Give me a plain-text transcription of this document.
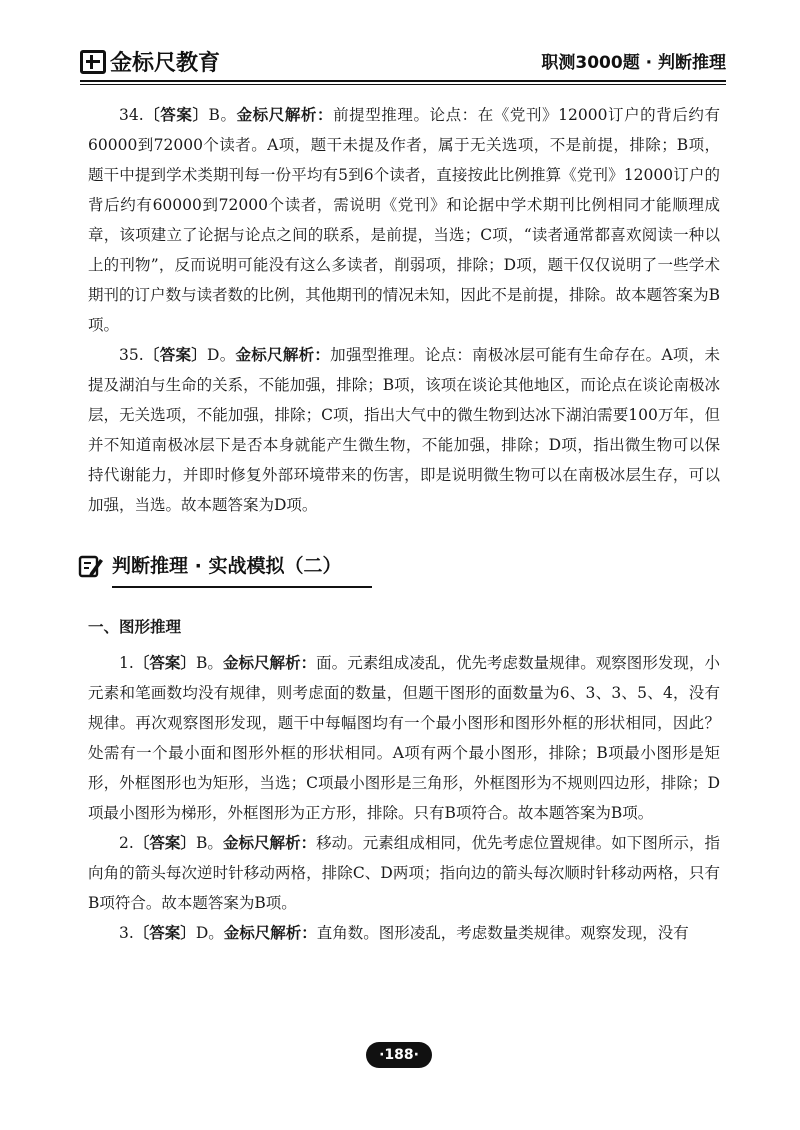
金标尺教育	职测3000题 · 判断推理

34.〔答案〕B。金标尺解析：前提型推理。论点：在《党刊》12000订户的背后约有60000到72000个读者。A项，题干未提及作者，属于无关选项，不是前提，排除；B项，题干中提到学术类期刊每一份平均有5到6个读者，直接按此比例推算《党刊》12000订户的背后约有60000到72000个读者，需说明《党刊》和论据中学术期刊比例相同才能顺理成章，该项建立了论据与论点之间的联系，是前提，当选；C项，“读者通常都喜欢阅读一种以上的刊物”，反而说明可能没有这么多读者，削弱项，排除；D项，题干仅仅说明了一些学术期刊的订户数与读者数的比例，其他期刊的情况未知，因此不是前提，排除。故本题答案为B项。

35.〔答案〕D。金标尺解析：加强型推理。论点：南极冰层可能有生命存在。A项，未提及湖泊与生命的关系，不能加强，排除；B项，该项在谈论其他地区，而论点在谈论南极冰层，无关选项，不能加强，排除；C项，指出大气中的微生物到达冰下湖泊需要100万年，但并不知道南极冰层下是否本身就能产生微生物，不能加强，排除；D项，指出微生物可以保持代谢能力，并即时修复外部环境带来的伤害，即是说明微生物可以在南极冰层生存，可以加强，当选。故本题答案为D项。

判断推理 · 实战模拟（二）
一、图形推理

1.〔答案〕B。金标尺解析：面。元素组成凌乱，优先考虑数量规律。观察图形发现，小元素和笔画数均没有规律，则考虑面的数量，但题干图形的面数量为6、3、3、5、4，没有规律。再次观察图形发现，题干中每幅图均有一个最小图形和图形外框的形状相同，因此？处需有一个最小面和图形外框的形状相同。A项有两个最小图形，排除；B项最小图形是矩形，外框图形也为矩形，当选；C项最小图形是三角形，外框图形为不规则四边形，排除；D项最小图形为梯形，外框图形为正方形，排除。只有B项符合。故本题答案为B项。

2.〔答案〕B。金标尺解析：移动。元素组成相同，优先考虑位置规律。如下图所示，指向角的箭头每次逆时针移动两格，排除C、D两项；指向边的箭头每次顺时针移动两格，只有B项符合。故本题答案为B项。

3.〔答案〕D。金标尺解析：直角数。图形凌乱，考虑数量类规律。观察发现，没有

·188·
